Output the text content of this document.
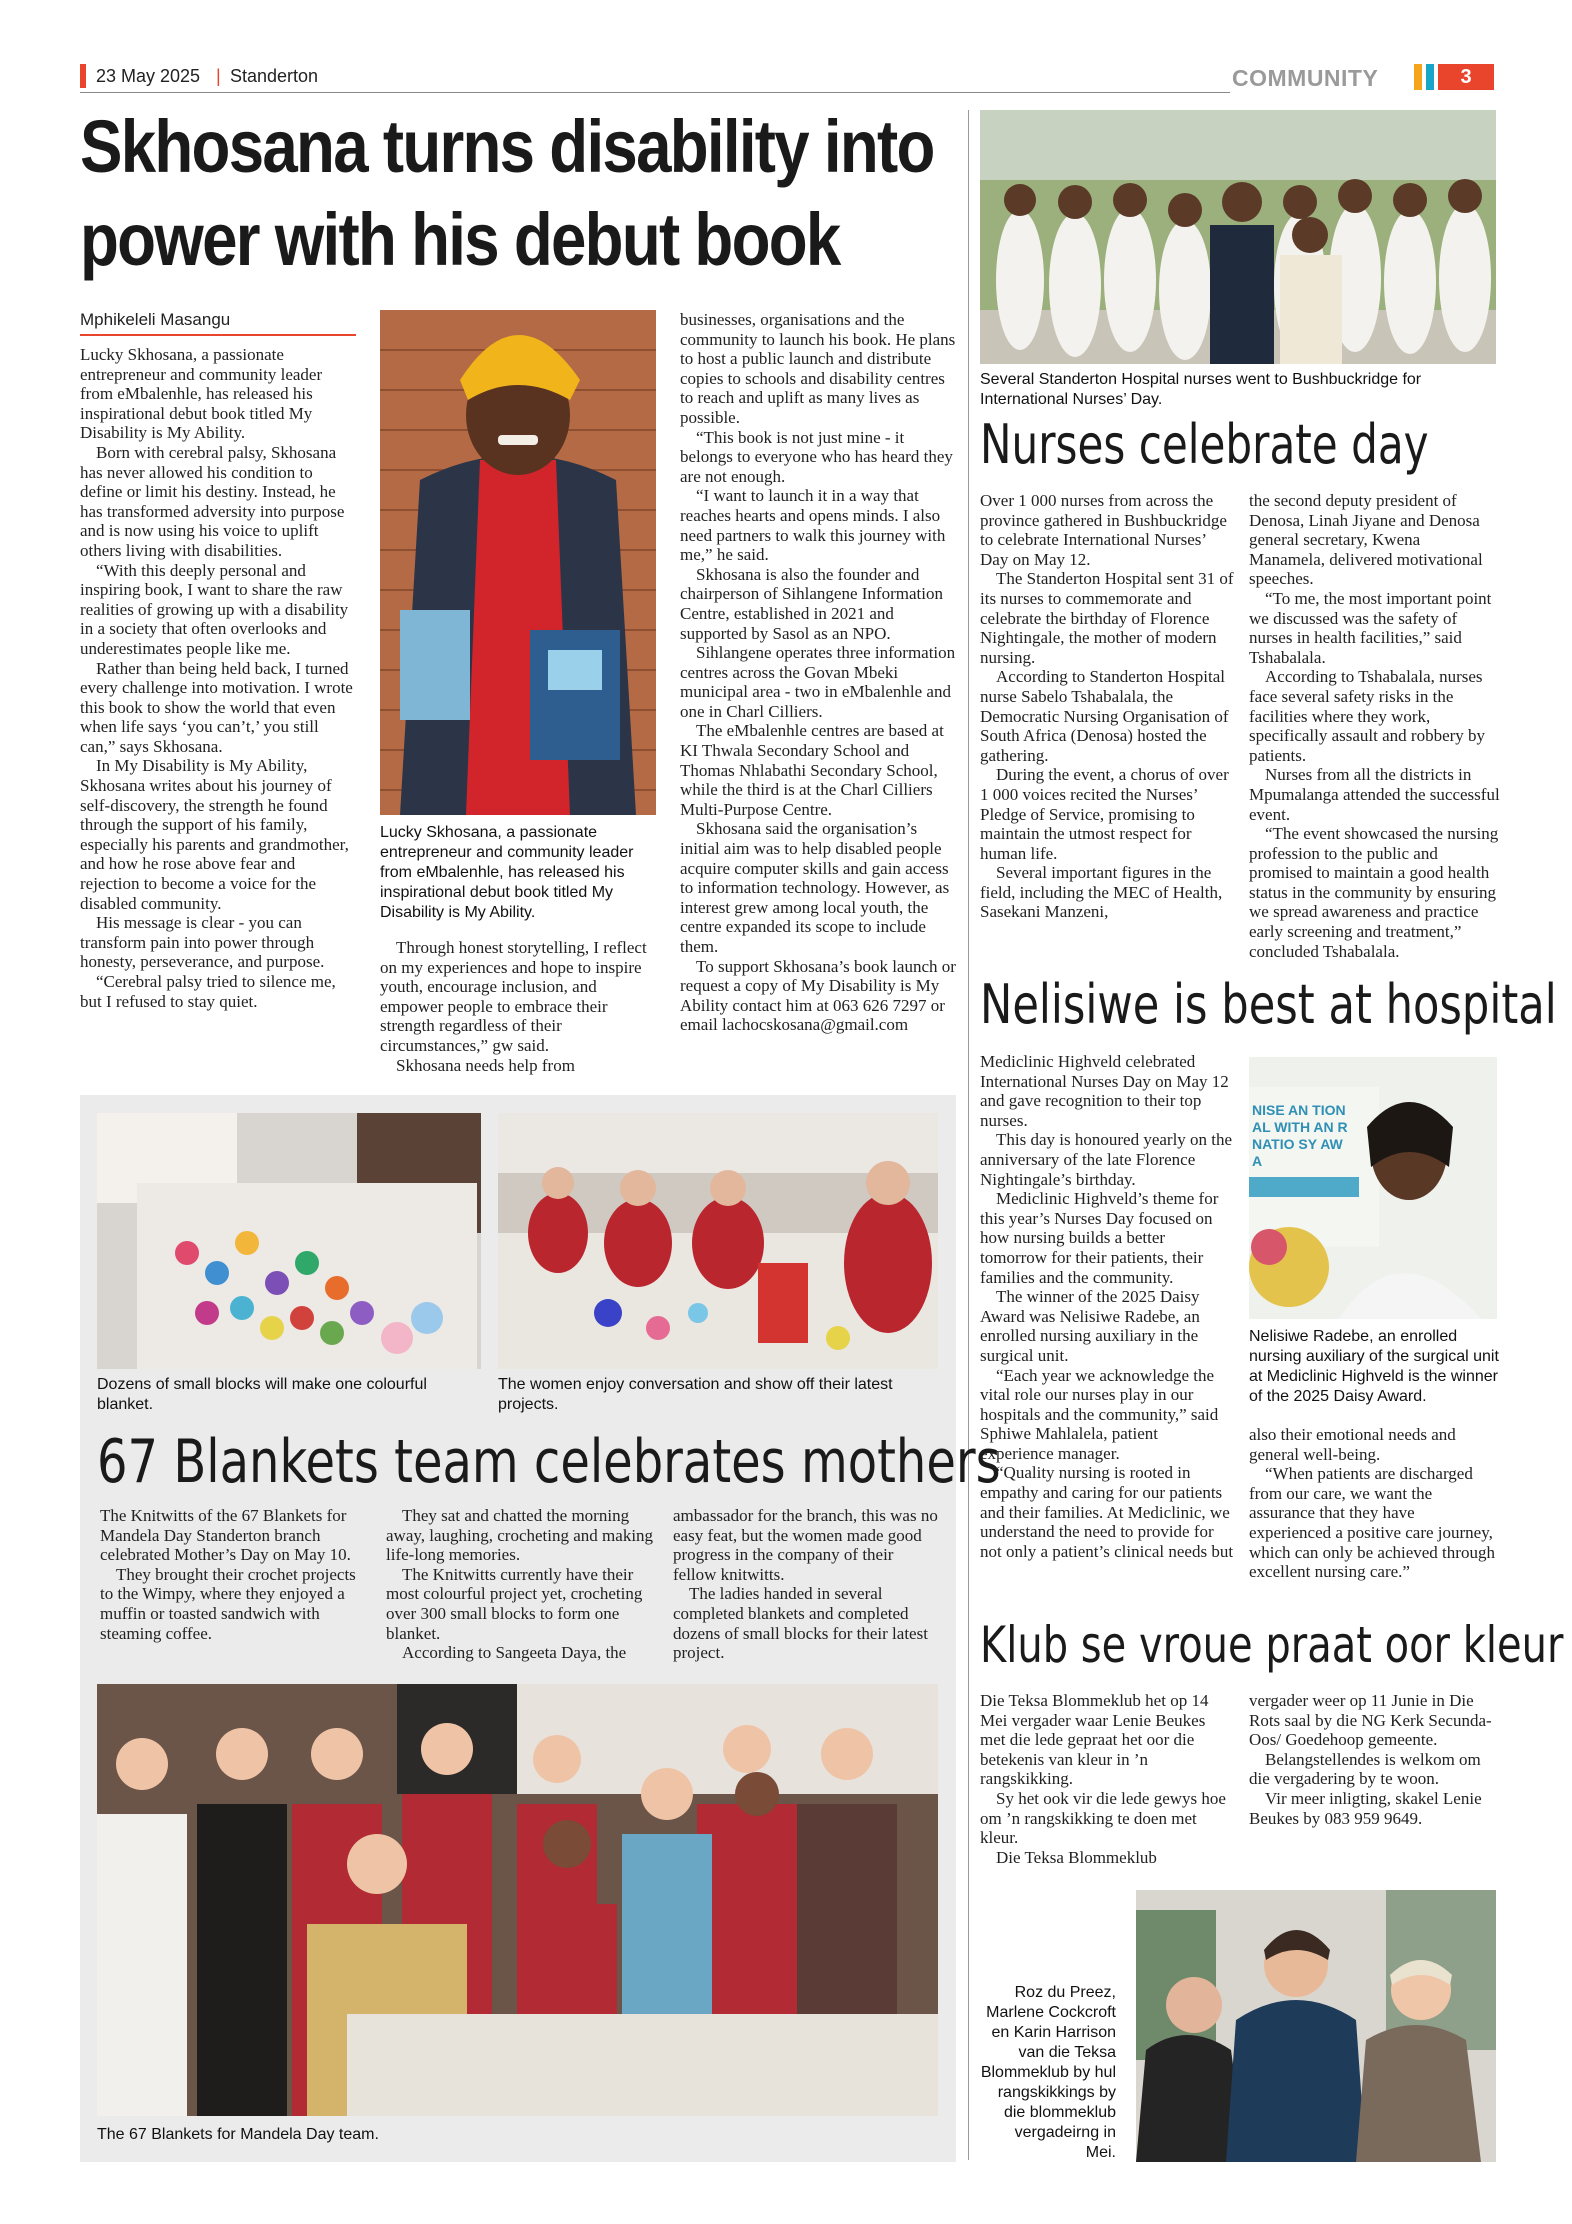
23 May 2025 | Standerton	COMMUNITY	3
Skhosana turns disability into
power with his debut book
Mphikeleli Masangu

Lucky Skhosana, a passionate entrepreneur and community leader from eMbalenhle, has released his inspirational debut book titled My Disability is My Ability.

Born with cerebral palsy, Skhosana has never allowed his condition to define or limit his destiny. Instead, he has transformed adversity into purpose and is now using his voice to uplift others living with disabilities.

“With this deeply personal and inspiring book, I want to share the raw realities of growing up with a disability in a society that often overlooks and underestimates people like me.

Rather than being held back, I turned every challenge into motivation. I wrote this book to show the world that even when life says ‘you can’t,’ you still can,” says Skhosana.

In My Disability is My Ability, Skhosana writes about his journey of self-discovery, the strength he found through the support of his family, especially his parents and grandmother, and how he rose above fear and rejection to become a voice for the disabled community.

His message is clear - you can transform pain into power through honesty, perseverance, and purpose.

“Cerebral palsy tried to silence me, but I refused to stay quiet.

Lucky Skhosana, a passionate entrepreneur and community leader from eMbalenhle, has released his inspirational debut book titled My Disability is My Ability.

Through honest storytelling, I reflect on my experiences and hope to inspire youth, encourage inclusion, and empower people to embrace their strength regardless of their circumstances,” gw said.

Skhosana needs help from

businesses, organisations and the community to launch his book. He plans to host a public launch and distribute copies to schools and disability centres to reach and uplift as many lives as possible.

“This book is not just mine - it belongs to everyone who has heard they are not enough.

“I want to launch it in a way that reaches hearts and opens minds. I also need partners to walk this journey with me,” he said.

Skhosana is also the founder and chairperson of Sihlangene Information Centre, established in 2021 and supported by Sasol as an NPO.

Sihlangene operates three information centres across the Govan Mbeki municipal area - two in eMbalenhle and one in Charl Cilliers.

The eMbalenhle centres are based at KI Thwala Secondary School and Thomas Nhlabathi Secondary School, while the third is at the Charl Cilliers Multi-Purpose Centre.

Skhosana said the organisation’s initial aim was to help disabled people acquire computer skills and gain access to information technology. However, as interest grew among local youth, the centre expanded its scope to include them.

To support Skhosana’s book launch or request a copy of My Disability is My Ability contact him at 063 626 7297 or email lachocskosana@gmail.com

Several Standerton Hospital nurses went to Bushbuckridge for International Nurses’ Day.
Nurses celebrate day

Over 1 000 nurses from across the province gathered in Bushbuckridge to celebrate International Nurses’ Day on May 12.

The Standerton Hospital sent 31 of its nurses to commemorate and celebrate the birthday of Florence Nightingale, the mother of modern nursing.

According to Standerton Hospital nurse Sabelo Tshabalala, the Democratic Nursing Organisation of South Africa (Denosa) hosted the gathering.

During the event, a chorus of over 1 000 voices recited the Nurses’ Pledge of Service, promising to maintain the utmost respect for human life.

Several important figures in the field, including the MEC of Health, Sasekani Manzeni,

the second deputy president of Denosa, Linah Jiyane and Denosa general secretary, Kwena Manamela, delivered motivational speeches.

“To me, the most important point we discussed was the safety of nurses in health facilities,” said Tshabalala.

According to Tshabalala, nurses face several safety risks in the facilities where they work, specifically assault and robbery by patients.

Nurses from all the districts in Mpumalanga attended the successful event.

“The event showcased the nursing profession to the public and promised to maintain a good health status in the community by ensuring we spread awareness and practice early screening and treatment,” concluded Tshabalala.

Nelisiwe is best at hospital

Mediclinic Highveld celebrated International Nurses Day on May 12 and gave recognition to their top nurses.

This day is honoured yearly on the anniversary of the late Florence Nightingale’s birthday.

Mediclinic Highveld’s theme for this year’s Nurses Day focused on how nursing builds a better tomorrow for their patients, their families and the community.

The winner of the 2025 Daisy Award was Nelisiwe Radebe, an enrolled nursing auxiliary in the surgical unit.

“Each year we acknowledge the vital role our nurses play in our hospitals and the community,” said Sphiwe Mahlalela, patient experience manager.

“Quality nursing is rooted in empathy and caring for our patients and their families. At Mediclinic, we understand the need to provide for not only a patient’s clinical needs but

NISE AN TIONAL WITH AN RNATIO SY AWA
Nelisiwe Radebe, an enrolled nursing auxiliary of the surgical unit at Mediclinic Highveld is the winner of the 2025 Daisy Award.

also their emotional needs and general well-being.

“When patients are discharged from our care, we want the assurance that they have experienced a positive care journey, which can only be achieved through excellent nursing care.”

Klub se vroue praat oor kleur

Die Teksa Blommeklub het op 14 Mei vergader waar Lenie Beukes met die lede gepraat het oor die betekenis van kleur in ’n rangskikking.

Sy het ook vir die lede gewys hoe om ’n rangskikking te doen met kleur.

Die Teksa Blommeklub

vergader weer op 11 Junie in Die Rots saal by die NG Kerk Secunda-Oos/ Goedehoop gemeente.

Belangstellendes is welkom om die vergadering by te woon.

Vir meer inligting, skakel Lenie Beukes by 083 959 9649.

Roz du Preez, Marlene Cockcroft en Karin Harrison van die Teksa Blommeklub by hul rangskikkings by die blommeklub vergadeirng in Mei.
Dozens of small blocks will make one colourful blanket.
The women enjoy conversation and show off their latest projects.
67 Blankets team celebrates mothers

The Knitwitts of the 67 Blankets for Mandela Day Standerton branch celebrated Mother’s Day on May 10.

They brought their crochet projects to the Wimpy, where they enjoyed a muffin or toasted sandwich with steaming coffee.

They sat and chatted the morning away, laughing, crocheting and making life-long memories.

The Knitwitts currently have their most colourful project yet, crocheting over 300 small blocks to form one blanket.

According to Sangeeta Daya, the

ambassador for the branch, this was no easy feat, but the women made good progress in the company of their fellow knitwitts.

The ladies handed in several completed blankets and completed dozens of small blocks for their latest project.

The 67 Blankets for Mandela Day team.
